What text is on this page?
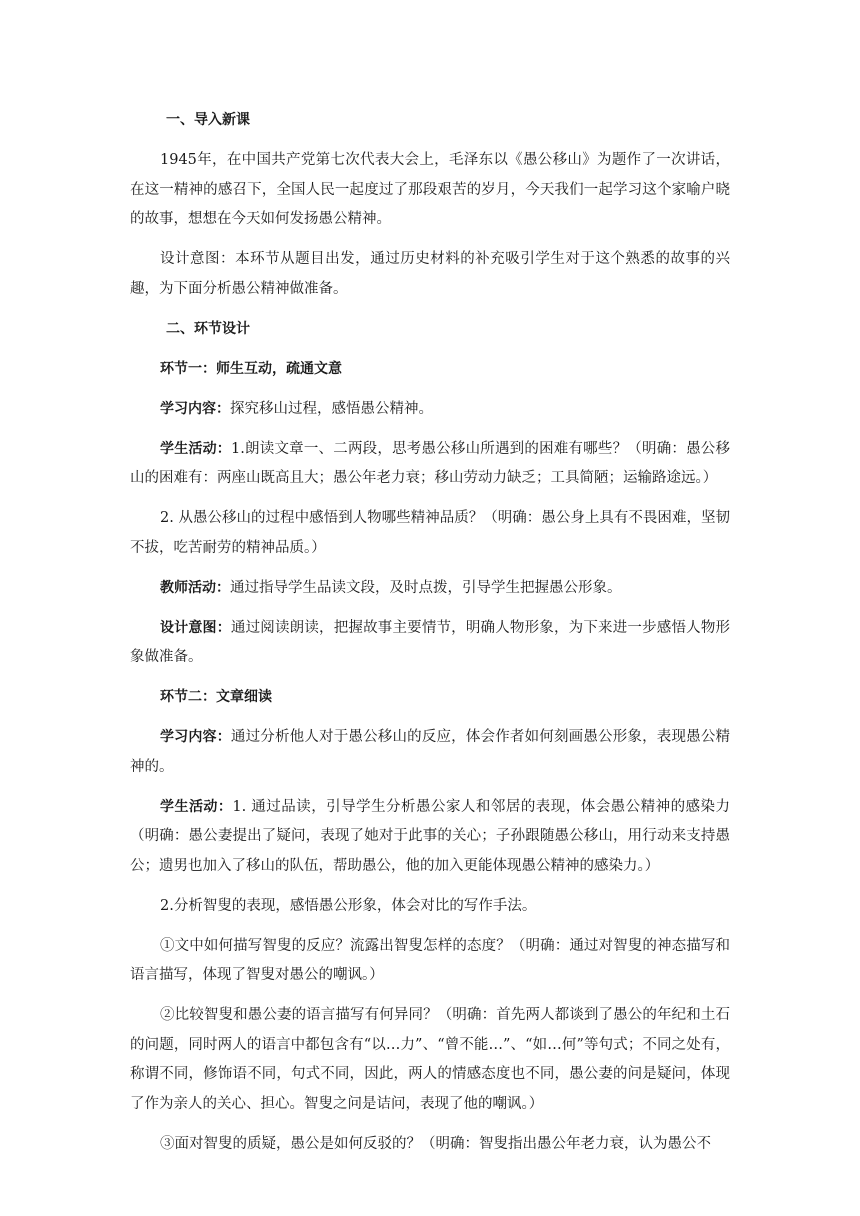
一、导入新课

1945年，在中国共产党第七次代表大会上，毛泽东以《愚公移山》为题作了一次讲话，在这一精神的感召下，全国人民一起度过了那段艰苦的岁月，今天我们一起学习这个家喻户晓的故事，想想在今天如何发扬愚公精神。

设计意图：本环节从题目出发，通过历史材料的补充吸引学生对于这个熟悉的故事的兴趣，为下面分析愚公精神做准备。

二、环节设计

环节一：师生互动，疏通文意

学习内容：探究移山过程，感悟愚公精神。

学生活动：1.朗读文章一、二两段，思考愚公移山所遇到的困难有哪些？（明确：愚公移山的困难有：两座山既高且大；愚公年老力衰；移山劳动力缺乏；工具简陋；运输路途远。）

2. 从愚公移山的过程中感悟到人物哪些精神品质？（明确：愚公身上具有不畏困难，坚韧不拔，吃苦耐劳的精神品质。）

教师活动：通过指导学生品读文段，及时点拨，引导学生把握愚公形象。

设计意图：通过阅读朗读，把握故事主要情节，明确人物形象，为下来进一步感悟人物形象做准备。

环节二：文章细读

学习内容：通过分析他人对于愚公移山的反应，体会作者如何刻画愚公形象，表现愚公精神的。

学生活动：1. 通过品读，引导学生分析愚公家人和邻居的表现，体会愚公精神的感染力（明确：愚公妻提出了疑问，表现了她对于此事的关心；子孙跟随愚公移山，用行动来支持愚公；遗男也加入了移山的队伍，帮助愚公，他的加入更能体现愚公精神的感染力。）

2.分析智叟的表现，感悟愚公形象，体会对比的写作手法。

①文中如何描写智叟的反应？流露出智叟怎样的态度？（明确：通过对智叟的神态描写和语言描写，体现了智叟对愚公的嘲讽。）

②比较智叟和愚公妻的语言描写有何异同？（明确：首先两人都谈到了愚公的年纪和土石的问题，同时两人的语言中都包含有“以…力”、“曾不能…”、“如…何”等句式；不同之处有，称谓不同，修饰语不同，句式不同，因此，两人的情感态度也不同，愚公妻的问是疑问，体现了作为亲人的关心、担心。智叟之问是诘问，表现了他的嘲讽。）

③面对智叟的质疑，愚公是如何反驳的？（明确：智叟指出愚公年老力衰，认为愚公不
